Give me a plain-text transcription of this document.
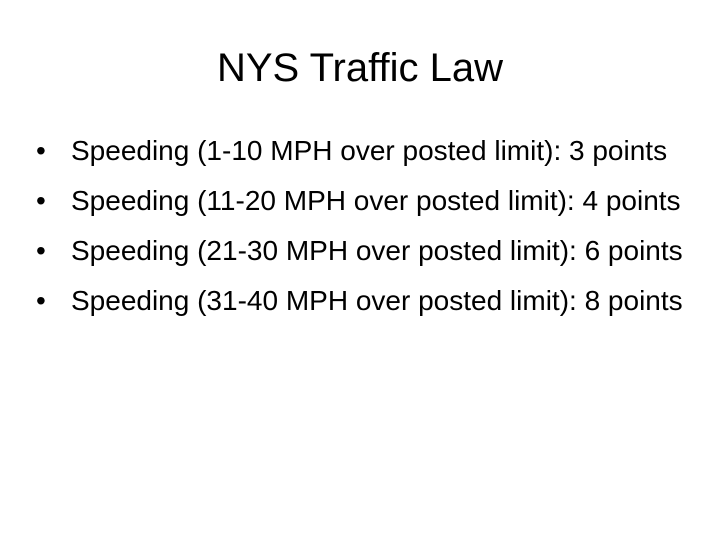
NYS Traffic Law
• Speeding (1-10 MPH over posted limit): 3 points
• Speeding (11-20 MPH over posted limit): 4 points
• Speeding (21-30 MPH over posted limit): 6 points
• Speeding (31-40 MPH over posted limit): 8 points
